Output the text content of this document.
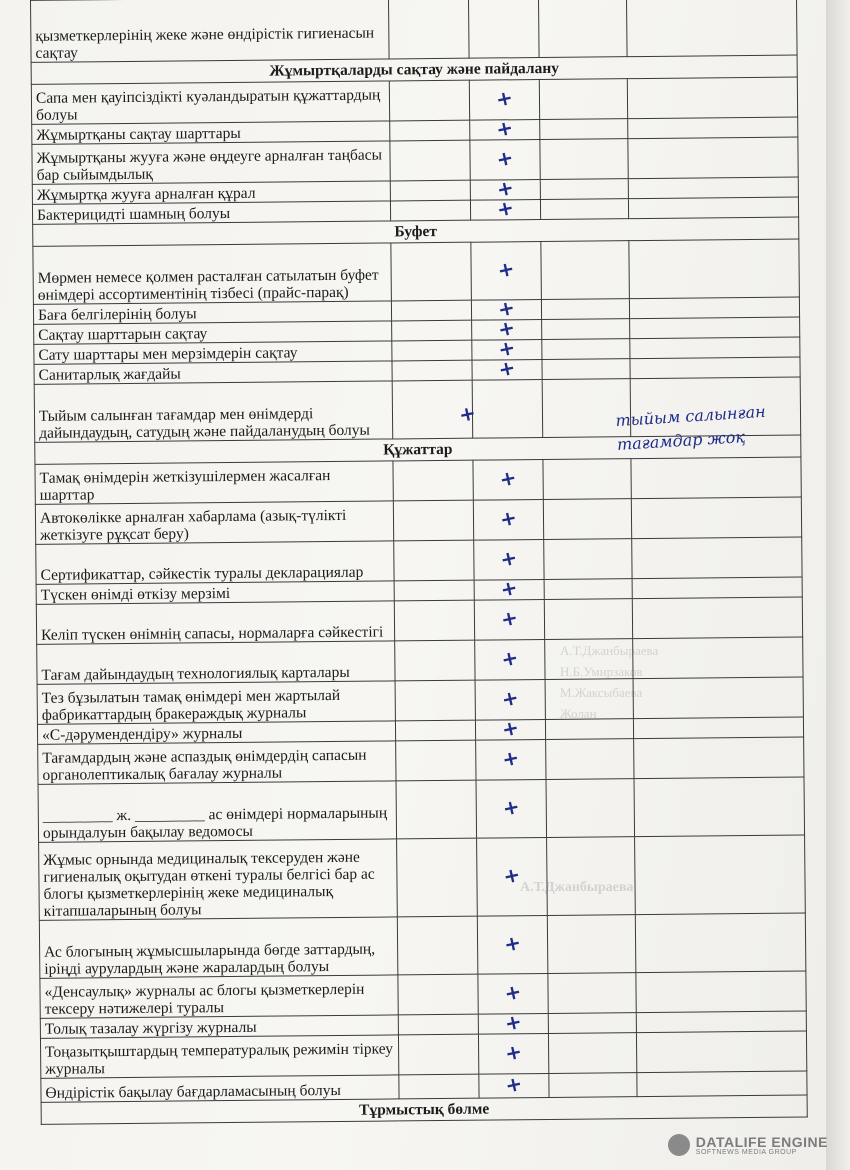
А.Т.Джанбыраева
Н.Б.Умирзаков
М.Жаксыбаева
Жолан
А.Т.Джанбыраева
қызметкерлерінің жеке және өндірістік гигиенасын сақтау				
Жұмыртқаларды сақтау және пайдалану				
Сапа мен қауіпсіздікті куәландыратын құжаттардың болуы		+		
Жұмыртқаны сақтау шарттары		+		
Жұмыртқаны жууға және өңдеуге арналған таңбасы бар сыйымдылық		+		
Жұмыртқа жууға арналған құрал		+		
Бактерицидті шамның болуы		+		
Буфет				
Мөрмен немесе қолмен расталған сатылатын буфет өнімдері ассортиментінің тізбесі (прайс-парақ)		+		
Баға белгілерінің болуы		+		
Сақтау шарттарын сақтау		+		
Сату шарттары мен мерзімдерін сақтау		+		
Санитарлық жағдайы		+		
Тыйым салынған тағамдар мен өнімдерді дайындаудың, сатудың және пайдаланудың болуы		+		
Құжаттар				
Тамақ өнімдерін жеткізушілермен жасалған шарттар		+		
Автокөлікке арналған хабарлама (азық-түлікті жеткізуге рұқсат беру)		+		
Сертификаттар, сәйкестік туралы декларациялар		+		
Түскен өнімді өткізу мерзімі		+		
Келіп түскен өнімнің сапасы, нормаларға сәйкестігі		+		
Тағам дайындаудың технологиялық карталары		+		
Тез бұзылатын тамақ өнімдері мен жартылай фабрикаттардың бракераждық журналы		+		
«С-дәрумендендіру» журналы		+		
Тағамдардың және аспаздық өнімдердің сапасын органолептикалық бағалау журналы		+		
_________ ж. _________ ас өнімдері нормаларының орындалуын бақылау ведомосы		+		
Жұмыс орнында медициналық тексеруден және гигиеналық оқытудан өткені туралы белгісі бар ас блогы қызметкерлерінің жеке медициналық кітапшаларының болуы		+		
Ас блогының жұмысшыларында бөгде заттардың, іріңді аурулардың және жаралардың болуы		+		
«Денсаулық» журналы ас блогы қызметкерлерін тексеру нәтижелері туралы		+		
Толық тазалау жүргізу журналы		+		
Тоңазытқыштардың температуралық режимін тіркеу журналы		+		
Өндірістік бақылау бағдарламасының болуы		+		
Тұрмыстық бөлме				
тыйым салынған тағамдар жоқ
DATALIFE ENGINE
SOFTNEWS MEDIA GROUP
